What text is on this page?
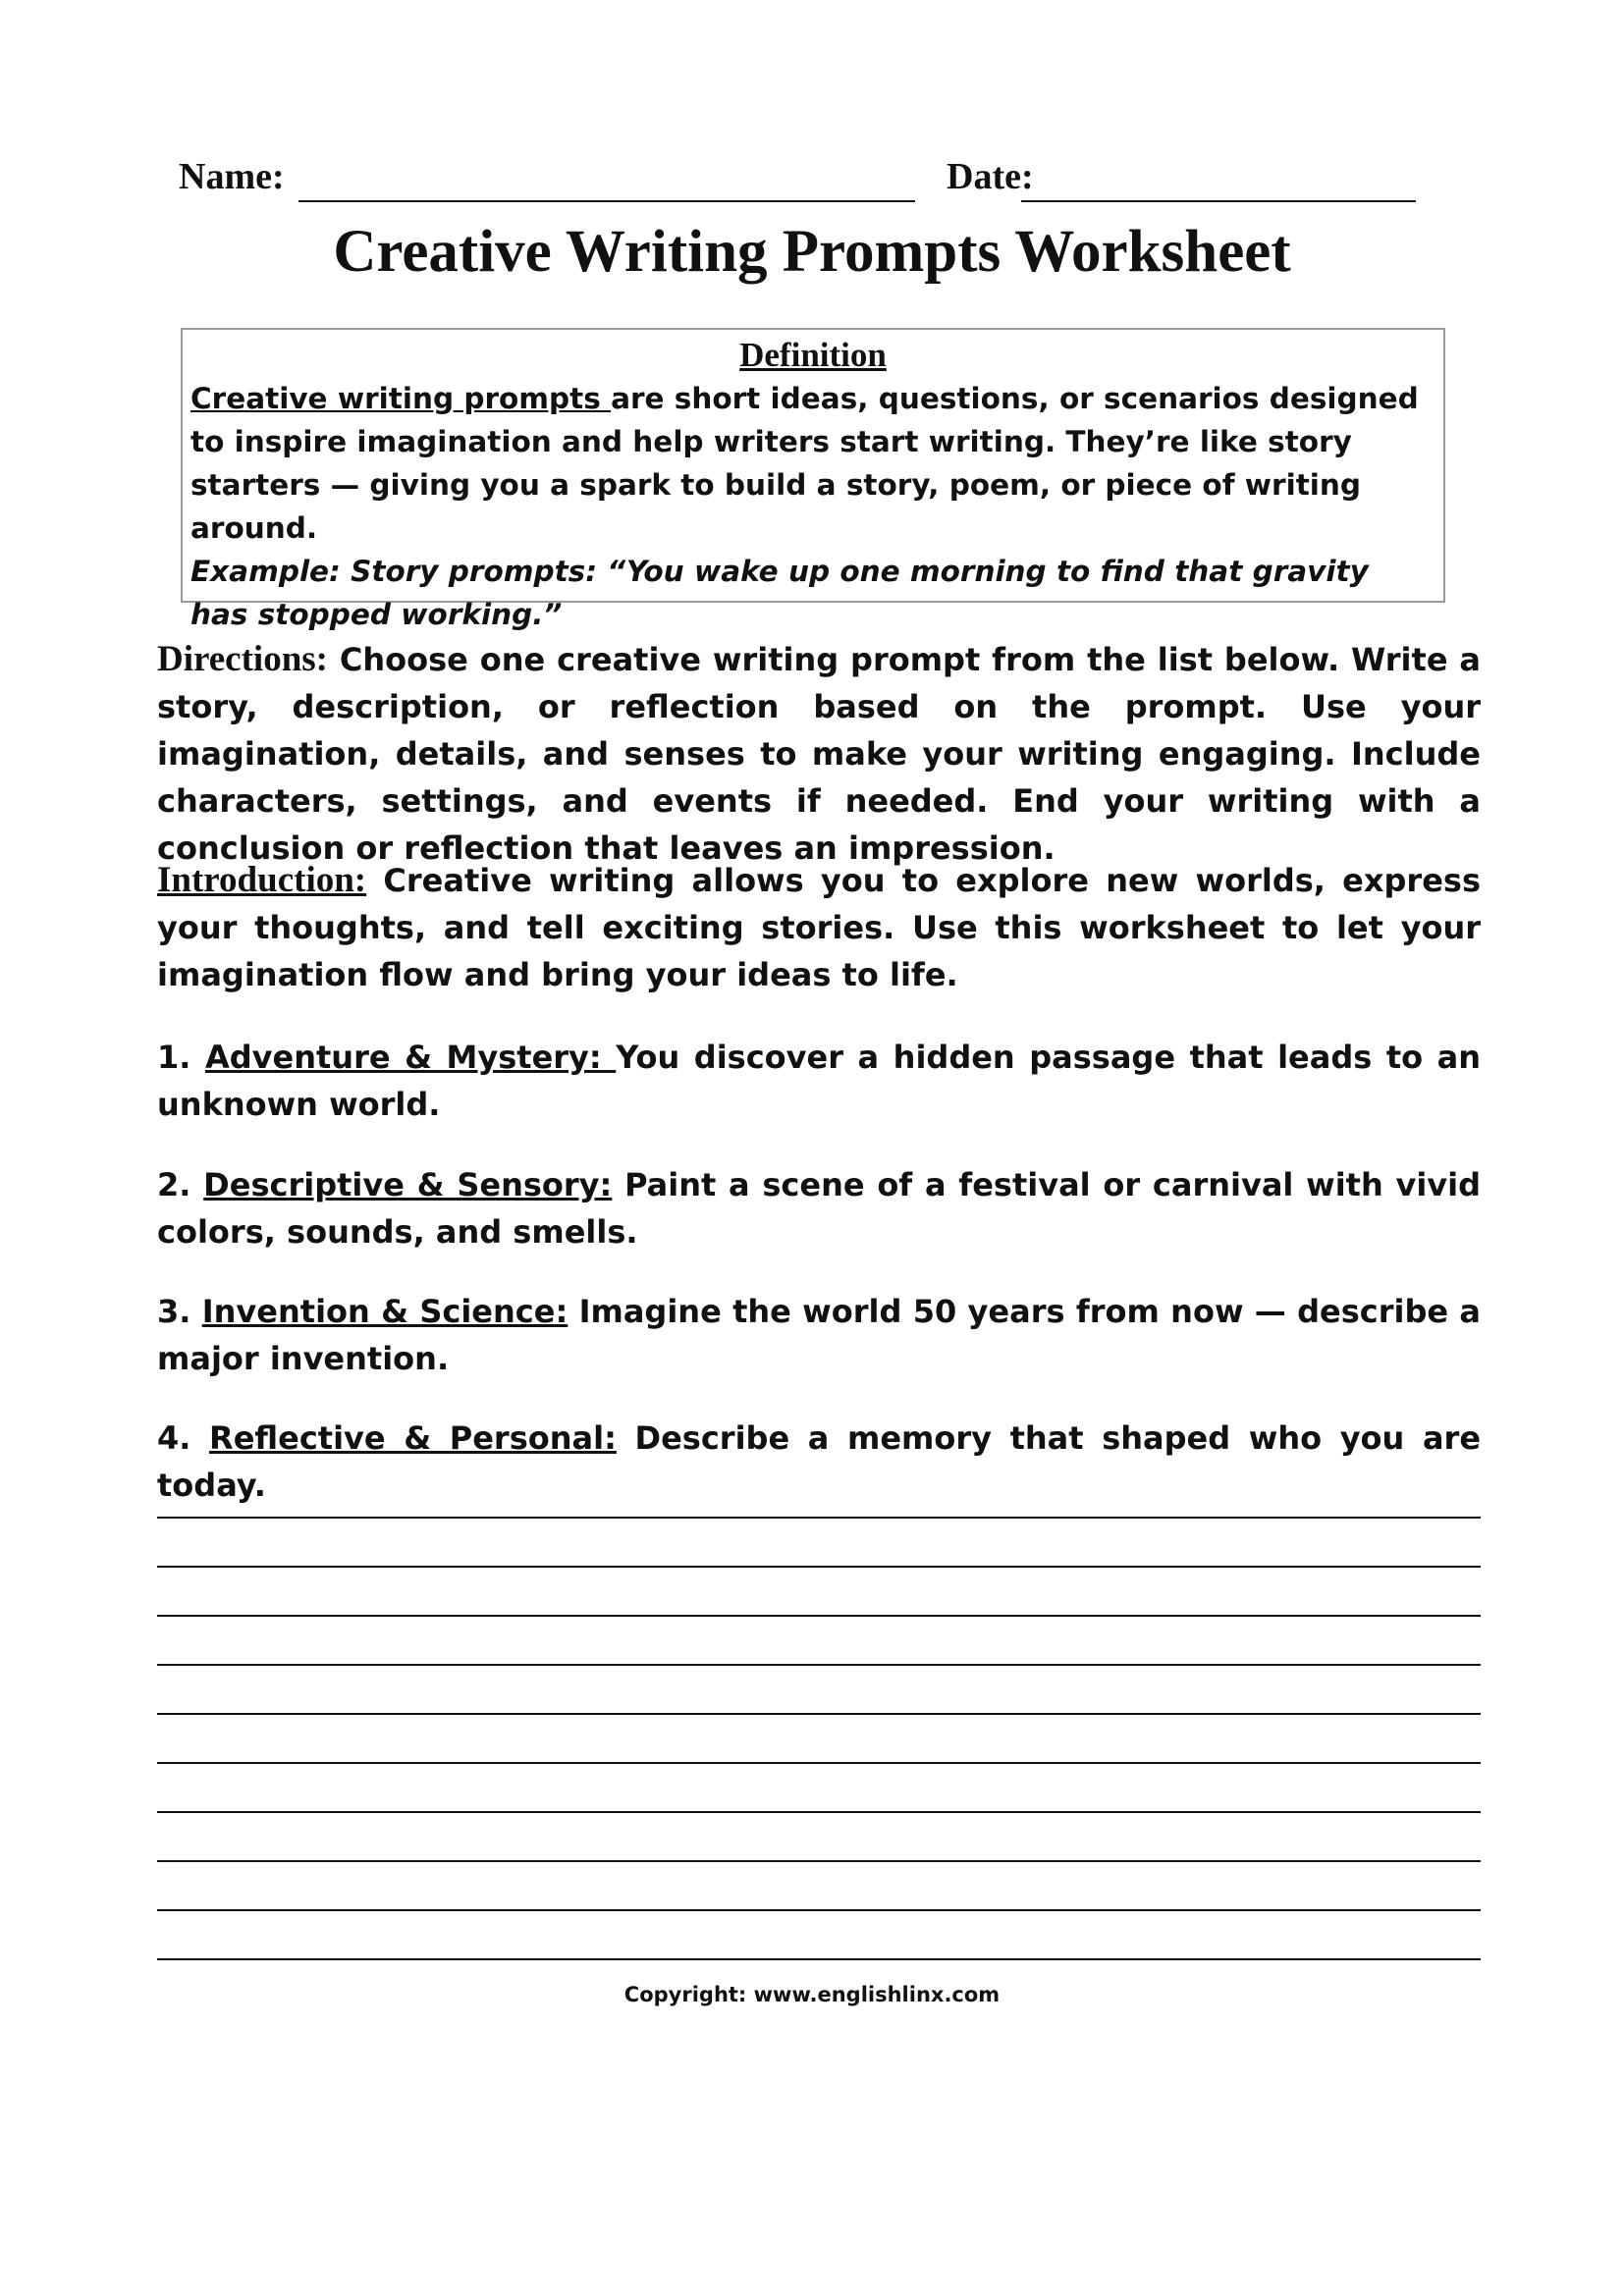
Name:	Date:
Creative Writing Prompts Worksheet
Definition
Creative writing prompts are short ideas, questions, or scenarios designed to inspire imagination and help writers start writing. They’re like story starters — giving you a spark to build a story, poem, or piece of writing around.
Example: Story prompts: “You wake up one morning to find that gravity has stopped working.”
Directions: Choose one creative writing prompt from the list below. Write a story, description, or reflection based on the prompt. Use your imagination, details, and senses to make your writing engaging. Include characters, settings, and events if needed. End your writing with a conclusion or reflection that leaves an impression.
Introduction: Creative writing allows you to explore new worlds, express your thoughts, and tell exciting stories. Use this worksheet to let your imagination flow and bring your ideas to life.
1. Adventure & Mystery: You discover a hidden passage that leads to an unknown world.
2. Descriptive & Sensory: Paint a scene of a festival or carnival with vivid colors, sounds, and smells.
3. Invention & Science: Imagine the world 50 years from now — describe a major invention.
4. Reflective & Personal: Describe a memory that shaped who you are today.
Copyright: www.englishlinx.com
